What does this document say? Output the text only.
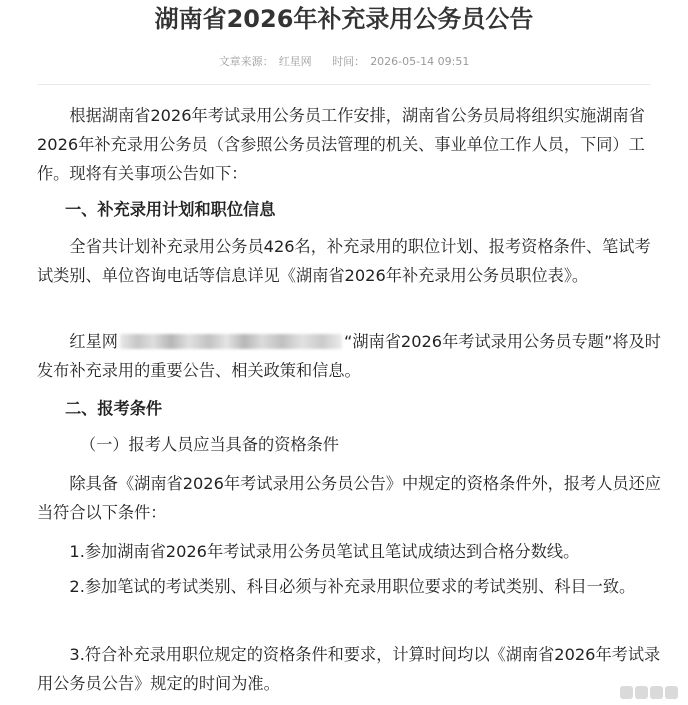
湖南省2026年补充录用公务员公告
文章来源： 红星网 时间： 2026-05-14 09:51
根据湖南省2026年考试录用公务员工作安排，湖南省公务员局将组织实施湖南省2026年补充录用公务员（含参照公务员法管理的机关、事业单位工作人员，下同）工作。现将有关事项公告如下：
一、补充录用计划和职位信息
全省共计划补充录用公务员426名，补充录用的职位计划、报考资格条件、笔试考试类别、单位咨询电话等信息详见《湖南省2026年补充录用公务员职位表》。
红星网	“湖南省2026年考试录用公务员专题”将及时发布补充录用的重要公告、相关政策和信息。
二、报考条件
（一）报考人员应当具备的资格条件
除具备《湖南省2026年考试录用公务员公告》中规定的资格条件外，报考人员还应当符合以下条件：
1.参加湖南省2026年考试录用公务员笔试且笔试成绩达到合格分数线。
2.参加笔试的考试类别、科目必须与补充录用职位要求的考试类别、科目一致。
3.符合补充录用职位规定的资格条件和要求，计算时间均以《湖南省2026年考试录用公务员公告》规定的时间为准。
